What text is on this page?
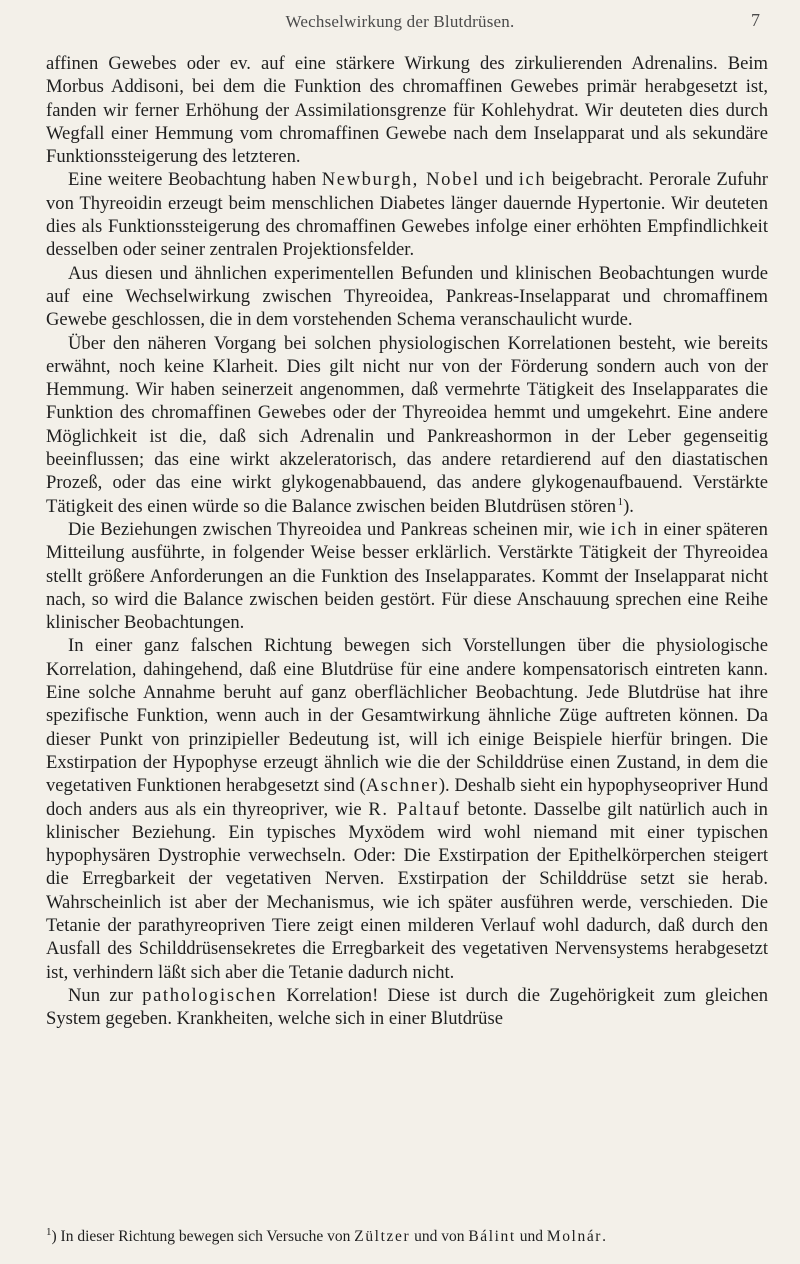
Wechselwirkung der Blutdrüsen.	7

affinen Gewebes oder ev. auf eine stärkere Wirkung des zirkulierenden Adrenalins. Beim Morbus Addisoni, bei dem die Funktion des chromaffinen Gewebes primär herabgesetzt ist, fanden wir ferner Erhöhung der Assimilationsgrenze für Kohlehydrat. Wir deuteten dies durch Wegfall einer Hemmung vom chromaffinen Gewebe nach dem Inselapparat und als sekundäre Funktionssteigerung des letzteren.

Eine weitere Beobachtung haben Newburgh, Nobel und ich beigebracht. Perorale Zufuhr von Thyreoidin erzeugt beim menschlichen Diabetes länger dauernde Hypertonie. Wir deuteten dies als Funktionssteigerung des chromaffinen Gewebes infolge einer erhöhten Empfindlichkeit desselben oder seiner zentralen Projektionsfelder.

Aus diesen und ähnlichen experimentellen Befunden und klinischen Beobachtungen wurde auf eine Wechselwirkung zwischen Thyreoidea, Pankreas-Inselapparat und chromaffinem Gewebe geschlossen, die in dem vorstehenden Schema veranschaulicht wurde.

Über den näheren Vorgang bei solchen physiologischen Korrelationen besteht, wie bereits erwähnt, noch keine Klarheit. Dies gilt nicht nur von der Förderung sondern auch von der Hemmung. Wir haben seinerzeit angenommen, daß vermehrte Tätigkeit des Inselapparates die Funktion des chromaffinen Gewebes oder der Thyreoidea hemmt und umgekehrt. Eine andere Möglichkeit ist die, daß sich Adrenalin und Pankreashormon in der Leber gegenseitig beeinflussen; das eine wirkt akzeleratorisch, das andere retardierend auf den diastatischen Prozeß, oder das eine wirkt glykogenabbauend, das andere glykogenaufbauend. Verstärkte Tätigkeit des einen würde so die Balance zwischen beiden Blutdrüsen stören  $^1$).

Die Beziehungen zwischen Thyreoidea und Pankreas scheinen mir, wie ich in einer späteren Mitteilung ausführte, in folgender Weise besser erklärlich. Verstärkte Tätigkeit der Thyreoidea stellt größere Anforderungen an die Funktion des Inselapparates. Kommt der Inselapparat nicht nach, so wird die Balance zwischen beiden gestört. Für diese Anschauung sprechen eine Reihe klinischer Beobachtungen.

In einer ganz falschen Richtung bewegen sich Vorstellungen über die physiologische Korrelation, dahingehend, daß eine Blutdrüse für eine andere kompensatorisch eintreten kann. Eine solche Annahme beruht auf ganz oberflächlicher Beobachtung. Jede Blutdrüse hat ihre spezifische Funktion, wenn auch in der Gesamtwirkung ähnliche Züge auftreten können. Da dieser Punkt von prinzipieller Bedeutung ist, will ich einige Beispiele hierfür bringen. Die Exstirpation der Hypophyse erzeugt ähnlich wie die der Schilddrüse einen Zustand, in dem die vegetativen Funktionen herabgesetzt sind (Aschner). Deshalb sieht ein hypophyseopriver Hund doch anders aus als ein thyreopriver, wie R. Paltauf betonte. Dasselbe gilt natürlich auch in klinischer Beziehung. Ein typisches Myxödem wird wohl niemand mit einer typischen hypophysären Dystrophie verwechseln. Oder: Die Exstirpation der Epithelkörperchen steigert die Erregbarkeit der vegetativen Nerven. Exstirpation der Schilddrüse setzt sie herab. Wahrscheinlich ist aber der Mechanismus, wie ich später ausführen werde, verschieden. Die Tetanie der parathyreopriven Tiere zeigt einen milderen Verlauf wohl dadurch, daß durch den Ausfall des Schilddrüsensekretes die Erregbarkeit des vegetativen Nervensystems herabgesetzt ist, verhindern läßt sich aber die Tetanie dadurch nicht.

Nun zur pathologischen Korrelation! Diese ist durch die Zugehörigkeit zum gleichen System gegeben. Krankheiten, welche sich in einer Blutdrüse

$^1$) In dieser Richtung bewegen sich Versuche von Zültzer und von Bálint und Molnár.
